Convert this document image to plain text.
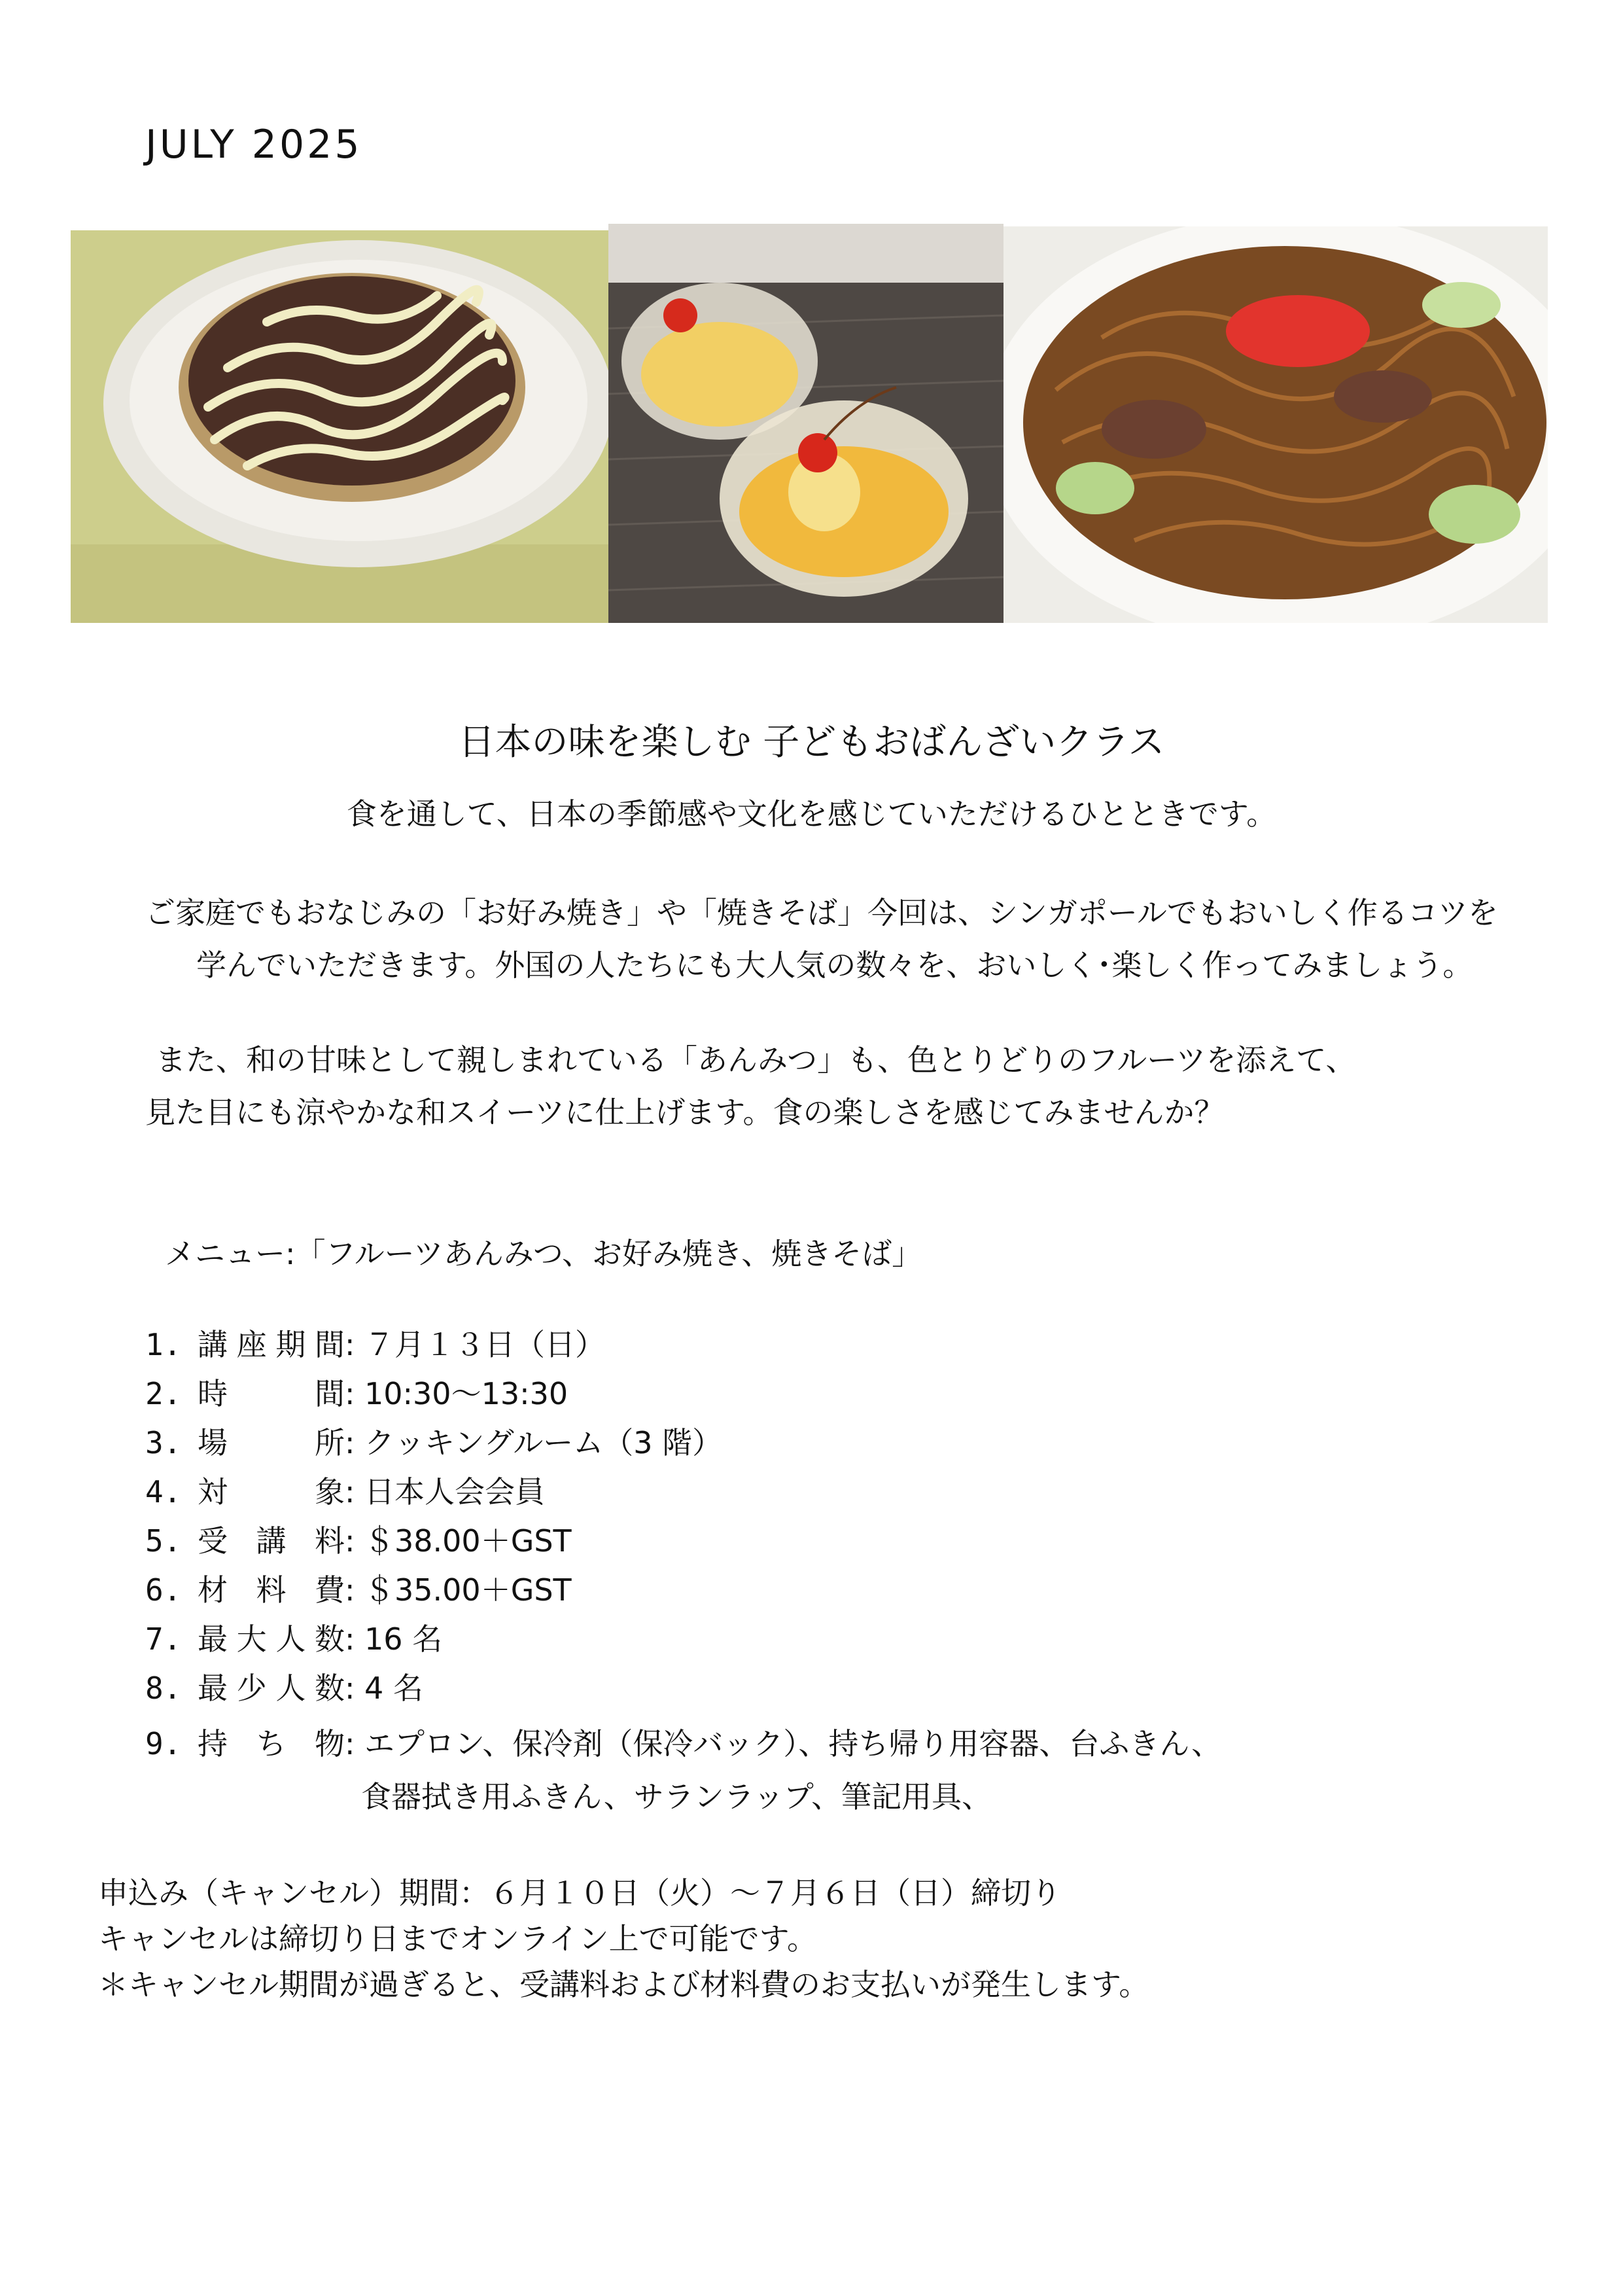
JULY 2025
日本の味を楽しむ 子どもおばんざいクラス
食を通して、日本の季節感や文化を感じていただけるひとときです。
ご家庭でもおなじみの「お好み焼き」や「焼きそば」今回は、シンガポールでもおいしく作るコツを
学んでいただきます。外国の人たちにも大人気の数々を、おいしく･楽しく作ってみましょう。
また、和の甘味として親しまれている「あんみつ」も、色とりどりのフルーツを添えて、
見た目にも涼やかな和スイーツに仕上げます。食の楽しさを感じてみませんか？
メニュー:「フルーツあんみつ、お好み焼き、焼きそば」
1. 講座期間: ７月１３日（日）
2. 時　　間: 10:30～13:30
3. 場　　所: クッキングルーム（3 階）
4. 対　　象: 日本人会会員
5. 受 講 料:＄38.00＋GST
6. 材 料 費:＄35.00＋GST
7. 最大人数: 16 名
8. 最少人数:4 名
9. 持 ち 物: エプロン、保冷剤（保冷バック）、持ち帰り用容器、台ふきん、
食器拭き用ふきん、サランラップ、筆記用具、
申込み（キャンセル）期間：６月１０日（火）～７月６日（日）締切り
キャンセルは締切り日までオンライン上で可能です。
＊キャンセル期間が過ぎると、受講料および材料費のお支払いが発生します。
